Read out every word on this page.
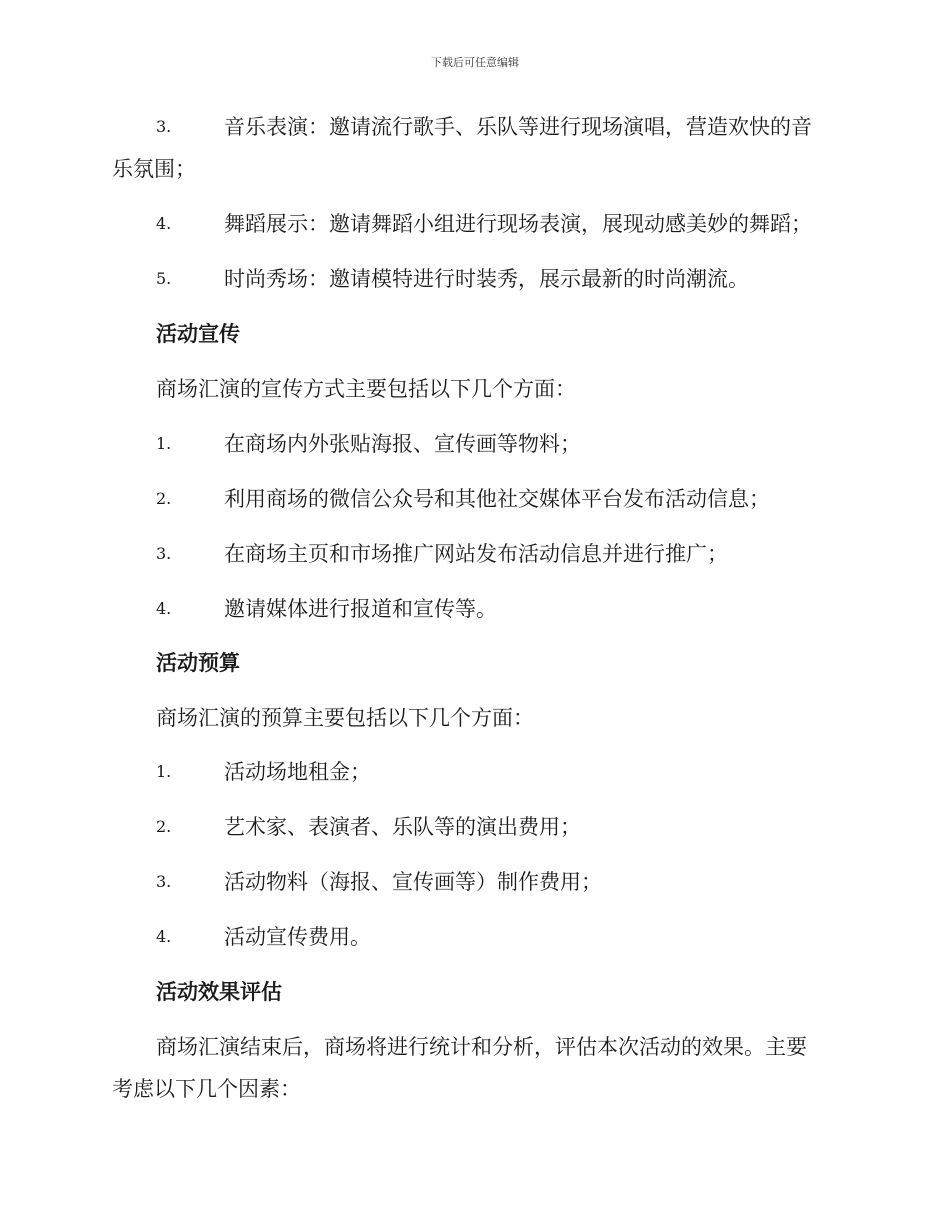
下载后可任意编辑
3.	音乐表演：邀请流行歌手、乐队等进行现场演唱，营造欢快的音
乐氛围；
4.	舞蹈展示：邀请舞蹈小组进行现场表演，展现动感美妙的舞蹈；
5.	时尚秀场：邀请模特进行时装秀，展示最新的时尚潮流。
活动宣传
商场汇演的宣传方式主要包括以下几个方面：
1.	在商场内外张贴海报、宣传画等物料；
2.	利用商场的微信公众号和其他社交媒体平台发布活动信息；
3.	在商场主页和市场推广网站发布活动信息并进行推广；
4.	邀请媒体进行报道和宣传等。
活动预算
商场汇演的预算主要包括以下几个方面：
1.	活动场地租金；
2.	艺术家、表演者、乐队等的演出费用；
3.	活动物料（海报、宣传画等）制作费用；
4.	活动宣传费用。
活动效果评估
商场汇演结束后，商场将进行统计和分析，评估本次活动的效果。主要
考虑以下几个因素：
